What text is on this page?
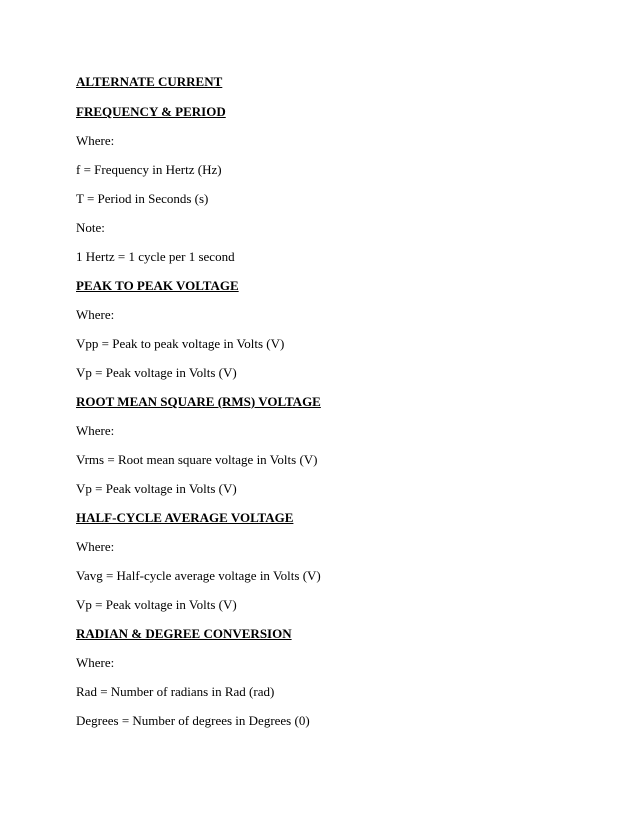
ALTERNATE CURRENT

FREQUENCY & PERIOD

Where:

f = Frequency in Hertz (Hz)

T = Period in Seconds (s)

Note:

1 Hertz = 1 cycle per 1 second

PEAK TO PEAK VOLTAGE

Where:

Vpp = Peak to peak voltage in Volts (V)

Vp = Peak voltage in Volts (V)

ROOT MEAN SQUARE (RMS) VOLTAGE

Where:

Vrms = Root mean square voltage in Volts (V)

Vp = Peak voltage in Volts (V)

HALF-CYCLE AVERAGE VOLTAGE

Where:

Vavg = Half-cycle average voltage in Volts (V)

Vp = Peak voltage in Volts (V)

RADIAN & DEGREE CONVERSION

Where:

Rad = Number of radians in Rad (rad)

Degrees = Number of degrees in Degrees (0)
